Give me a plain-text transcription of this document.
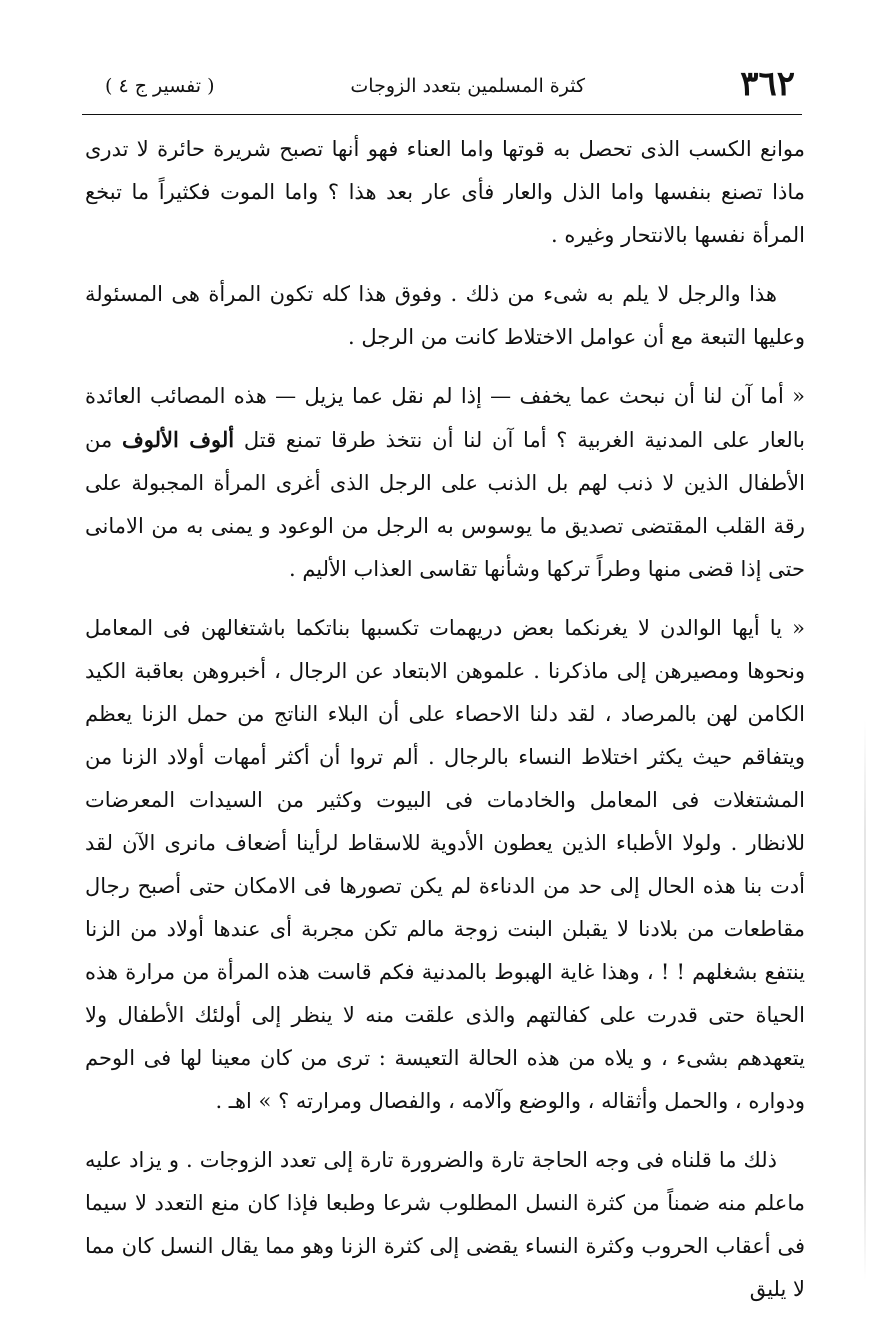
٣٦٢
كثرة المسلمين بتعدد الزوجات
( تفسير ج ٤ )

موانع الكسب الذى تحصل به قوتها واما العناء فهو أنها تصبح شريرة حائرة لا تدرى ماذا تصنع بنفسها واما الذل والعار فأى عار بعد هذا ؟ واما الموت فكثيراً ما تبخع المرأة نفسها بالانتحار وغيره .

هذا والرجل لا يلم به شىء من ذلك . وفوق هذا كله تكون المرأة هى المسئولة وعليها التبعة مع أن عوامل الاختلاط كانت من الرجل .

« أما آن لنا أن نبحث عما يخفف — إذا لم نقل عما يزيل — هذه المصائب العائدة بالعار على المدنية الغربية ؟ أما آن لنا أن نتخذ طرقا تمنع قتل ألوف الألوف من الأطفال الذين لا ذنب لهم بل الذنب على الرجل الذى أغرى المرأة المجبولة على رقة القلب المقتضى تصديق ما يوسوس به الرجل من الوعود و يمنى به من الامانى حتى إذا قضى منها وطراً تركها وشأنها تقاسى العذاب الأليم .

« يا أيها الوالدن لا يغرنكما بعض دريهمات تكسبها بناتكما باشتغالهن فى المعامل ونحوها ومصيرهن إلى ماذكرنا . علموهن الابتعاد عن الرجال ، أخبروهن بعاقبة الكيد الكامن لهن بالمرصاد ، لقد دلنا الاحصاء على أن البلاء الناتج من حمل الزنا يعظم ويتفاقم حيث يكثر اختلاط النساء بالرجال . ألم تروا أن أكثر أمهات أولاد الزنا من المشتغلات فى المعامل والخادمات فى البيوت وكثير من السيدات المعرضات للانظار . ولولا الأطباء الذين يعطون الأدوية للاسقاط لرأينا أضعاف مانرى الآن لقد أدت بنا هذه الحال إلى حد من الدناءة لم يكن تصورها فى الامكان حتى أصبح رجال مقاطعات من بلادنا لا يقبلن البنت زوجة مالم تكن مجربة أى عندها أولاد من الزنا ينتفع بشغلهم ! ! ، وهذا غاية الهبوط بالمدنية فكم قاست هذه المرأة من مرارة هذه الحياة حتى قدرت على كفالتهم والذى علقت منه لا ينظر إلى أولئك الأطفال ولا يتعهدهم بشىء ، و يلاه من هذه الحالة التعيسة : ترى من كان معينا لها فى الوحم ودواره ، والحمل وأثقاله ، والوضع وآلامه ، والفصال ومرارته ؟ » اهـ .

ذلك ما قلناه فى وجه الحاجة تارة والضرورة تارة إلى تعدد الزوجات . و يزاد عليه ماعلم منه ضمناً من كثرة النسل المطلوب شرعا وطبعا فإذا كان منع التعدد لا سيما فى أعقاب الحروب وكثرة النساء يقضى إلى كثرة الزنا وهو مما يقال النسل كان مما لا يليق
